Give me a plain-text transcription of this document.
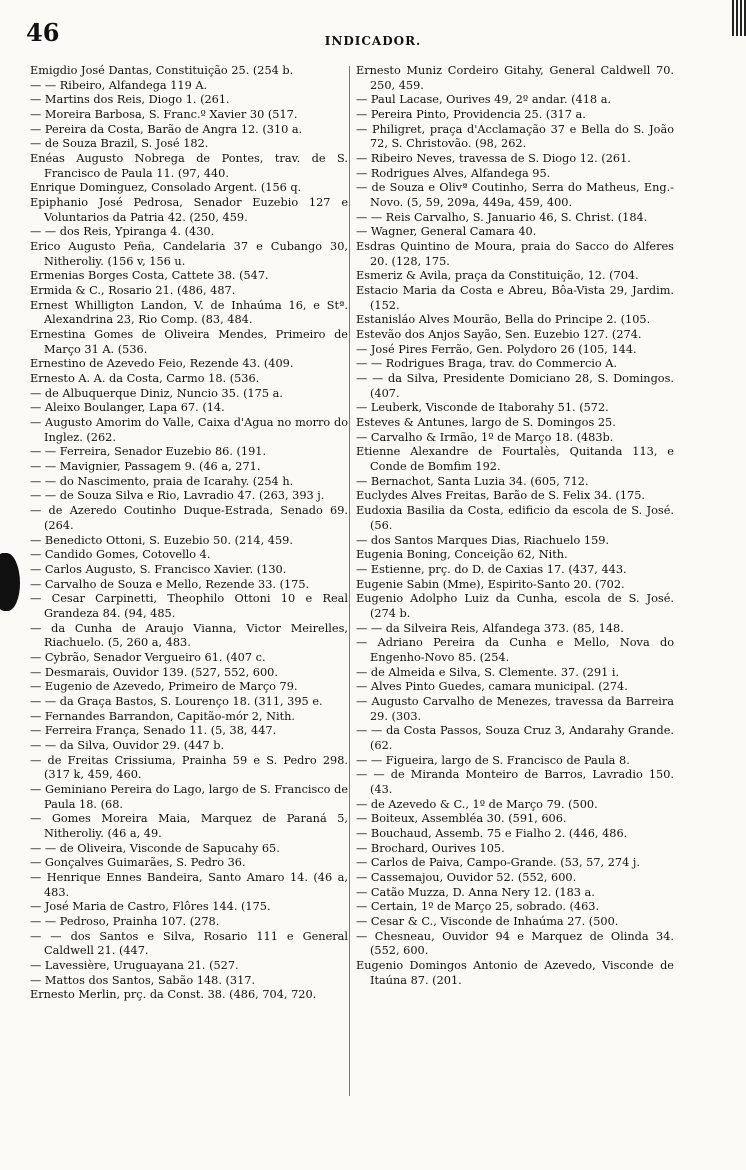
46	INDICADOR.

Emigdio José Dantas, Constituição 25. (254 b.

— — Ribeiro, Alfandega 119 A.

— Martins dos Reis, Diogo 1. (261.

— Moreira Barbosa, S. Franc.º Xavier 30 (517.

— Pereira da Costa, Barão de Angra 12. (310 a.

— de Souza Brazil, S. José 182.

Enéas Augusto Nobrega de Pontes, trav. de S. Francisco de Paula 11. (97, 440.

Enrique Dominguez, Consolado Argent. (156 q.

Epiphanio José Pedrosa, Senador Euzebio 127 e Voluntarios da Patria 42. (250, 459.

— — dos Reis, Ypiranga 4. (430.

Erico Augusto Peña, Candelaria 37 e Cubango 30, Nitheroliy. (156 v, 156 u.

Ermenias Borges Costa, Cattete 38. (547.

Ermida & C., Rosario 21. (486, 487.

Ernest Whilligton Landon, V. de Inhaúma 16, e Stª. Alexandrina 23, Rio Comp. (83, 484.

Ernestina Gomes de Oliveira Mendes, Primeiro de Março 31 A. (536.

Ernestino de Azevedo Feio, Rezende 43. (409.

Ernesto A. A. da Costa, Carmo 18. (536.

— de Albuquerque Diniz, Nuncio 35. (175 a.

— Aleixo Boulanger, Lapa 67. (14.

— Augusto Amorim do Valle, Caixa d'Agua no morro do Inglez. (262.

— — Ferreira, Senador Euzebio 86. (191.

— — Mavignier, Passagem 9. (46 a, 271.

— — do Nascimento, praia de Icarahy. (254 h.

— — de Souza Silva e Rio, Lavradio 47. (263, 393 j.

— de Azeredo Coutinho Duque-Estrada, Senado 69. (264.

— Benedicto Ottoni, S. Euzebio 50. (214, 459.

— Candido Gomes, Cotovello 4.

— Carlos Augusto, S. Francisco Xavier. (130.

— Carvalho de Souza e Mello, Rezende 33. (175.

— Cesar Carpinetti, Theophilo Ottoni 10 e Real Grandeza 84. (94, 485.

— da Cunha de Araujo Vianna, Victor Meirelles, Riachuelo. (5, 260 a, 483.

— Cybrão, Senador Vergueiro 61. (407 c.

— Desmarais, Ouvidor 139. (527, 552, 600.

— Eugenio de Azevedo, Primeiro de Março 79.

— — da Graça Bastos, S. Lourenço 18. (311, 395 e.

— Fernandes Barrandon, Capitão-mór 2, Nith.

— Ferreira França, Senado 11. (5, 38, 447.

— — da Silva, Ouvidor 29. (447 b.

— de Freitas Crissiuma, Prainha 59 e S. Pedro 298. (317 k, 459, 460.

— Geminiano Pereira do Lago, largo de S. Francisco de Paula 18. (68.

— Gomes Moreira Maia, Marquez de Paraná 5, Nitheroliy. (46 a, 49.

— — de Oliveira, Visconde de Sapucahy 65.

— Gonçalves Guimarães, S. Pedro 36.

— Henrique Ennes Bandeira, Santo Amaro 14. (46 a, 483.

— José Maria de Castro, Flôres 144. (175.

— — Pedroso, Prainha 107. (278.

— — dos Santos e Silva, Rosario 111 e General Caldwell 21. (447.

— Lavessière, Uruguayana 21. (527.

— Mattos dos Santos, Sabão 148. (317.

Ernesto Merlin, prç. da Const. 38. (486, 704, 720.

Ernesto Muniz Cordeiro Gitahy, General Caldwell 70. 250, 459.

— Paul Lacase, Ourives 49, 2º andar. (418 a.

— Pereira Pinto, Providencia 25. (317 a.

— Philigret, praça d'Acclamação 37 e Bella do S. João 72, S. Christovão. (98, 262.

— Ribeiro Neves, travessa de S. Diogo 12. (261.

— Rodrigues Alves, Alfandega 95.

— de Souza e Olivª Coutinho, Serra do Matheus, Eng.-Novo. (5, 59, 209a, 449a, 459, 400.

— — Reis Carvalho, S. Januario 46, S. Christ. (184.

— Wagner, General Camara 40.

Esdras Quintino de Moura, praia do Sacco do Alferes 20. (128, 175.

Esmeriz & Avila, praça da Constituição, 12. (704.

Estacio Maria da Costa e Abreu, Bôa-Vista 29, Jardim. (152.

Estanisláo Alves Mourão, Bella do Principe 2. (105.

Estevão dos Anjos Sayão, Sen. Euzebio 127. (274.

— José Pires Ferrão, Gen. Polydoro 26 (105, 144.

— — Rodrigues Braga, trav. do Commercio A.

— — da Silva, Presidente Domiciano 28, S. Domingos. (407.

— Leuberk, Visconde de Itaborahy 51. (572.

Esteves & Antunes, largo de S. Domingos 25.

— Carvalho & Irmão, 1º de Março 18. (483b.

Etienne Alexandre de Fourtalès, Quitanda 113, e Conde de Bomfim 192.

— Bernachot, Santa Luzia 34. (605, 712.

Euclydes Alves Freitas, Barão de S. Felix 34. (175.

Eudoxia Basilia da Costa, edificio da escola de S. José. (56.

— dos Santos Marques Dias, Riachuelo 159.

Eugenia Boning, Conceição 62, Nith.

— Estienne, prç. do D. de Caxias 17. (437, 443.

Eugenie Sabin (Mme), Espirito-Santo 20. (702.

Eugenio Adolpho Luiz da Cunha, escola de S. José. (274 b.

— — da Silveira Reis, Alfandega 373. (85, 148.

— Adriano Pereira da Cunha e Mello, Nova do Engenho-Novo 85. (254.

— de Almeida e Silva, S. Clemente. 37. (291 i.

— Alves Pinto Guedes, camara municipal. (274.

— Augusto Carvalho de Menezes, travessa da Barreira 29. (303.

— — da Costa Passos, Souza Cruz 3, Andarahy Grande. (62.

— — Figueira, largo de S. Francisco de Paula 8.

— — de Miranda Monteiro de Barros, Lavradio 150. (43.

— de Azevedo & C., 1º de Março 79. (500.

— Boiteux, Assembléa 30. (591, 606.

— Bouchaud, Assemb. 75 e Fialho 2. (446, 486.

— Brochard, Ourives 105.

— Carlos de Paiva, Campo-Grande. (53, 57, 274 j.

— Cassemajou, Ouvidor 52. (552, 600.

— Catão Muzza, D. Anna Nery 12. (183 a.

— Certain, 1º de Março 25, sobrado. (463.

— Cesar & C., Visconde de Inhaúma 27. (500.

— Chesneau, Ouvidor 94 e Marquez de Olinda 34. (552, 600.

Eugenio Domingos Antonio de Azevedo, Visconde de Itaúna 87. (201.
